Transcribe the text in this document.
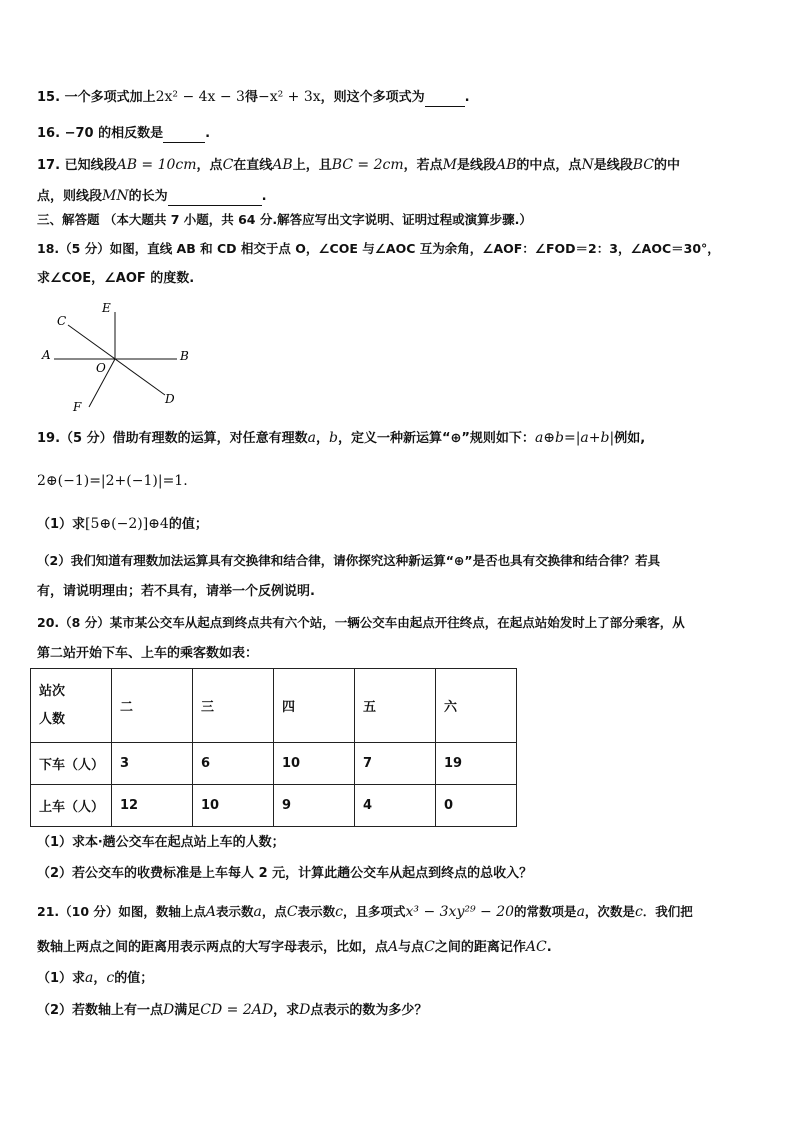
15. 一个多项式加上2x² − 4x − 3得−x² + 3x，则这个多项式为	.
16. −70 的相反数是	.
17. 已知线段AB = 10cm，点C在直线AB上，且BC = 2cm，若点M是线段AB的中点，点N是线段BC的中
点，则线段MN的长为	.
三、解答题 （本大题共 7 小题，共 64 分.解答应写出文字说明、证明过程或演算步骤.）
18.（5 分）如图，直线 AB 和 CD 相交于点 O，∠COE 与∠AOC 互为余角，∠AOF：∠FOD＝2：3，∠AOC＝30°，
求∠COE，∠AOF 的度数.
A	B
C
D
E
F
O
19.（5 分）借助有理数的运算，对任意有理数a，b，定义一种新运算“⊕”规则如下：a⊕b=|a+b|例如,
2⊕(−1)=|2+(−1)|=1.
（1）求[5⊕(−2)]⊕4的值；
（2）我们知道有理数加法运算具有交换律和结合律，请你探究这种新运算“⊕”是否也具有交换律和结合律？若具
有，请说明理由；若不具有，请举一个反例说明.
20.（8 分）某市某公交车从起点到终点共有六个站，一辆公交车由起点开往终点，在起点站始发时上了部分乘客，从
第二站开始下车、上车的乘客数如表：
站次
人数	二	三	四	五	六
下车（人）	3	6	10	7	19
上车（人）	12	10	9	4	0
（1）求本‧趟公交车在起点站上车的人数；
（2）若公交车的收费标准是上车每人 2 元，计算此趟公交车从起点到终点的总收入？
21.（10 分）如图，数轴上点A表示数a，点C表示数c，且多项式x³ − 3xy²⁹ − 20的常数项是a，次数是c．我们把
数轴上两点之间的距离用表示两点的大写字母表示，比如，点A与点C之间的距离记作AC.
（1）求a，c的值；
（2）若数轴上有一点D满足CD = 2AD，求D点表示的数为多少？
